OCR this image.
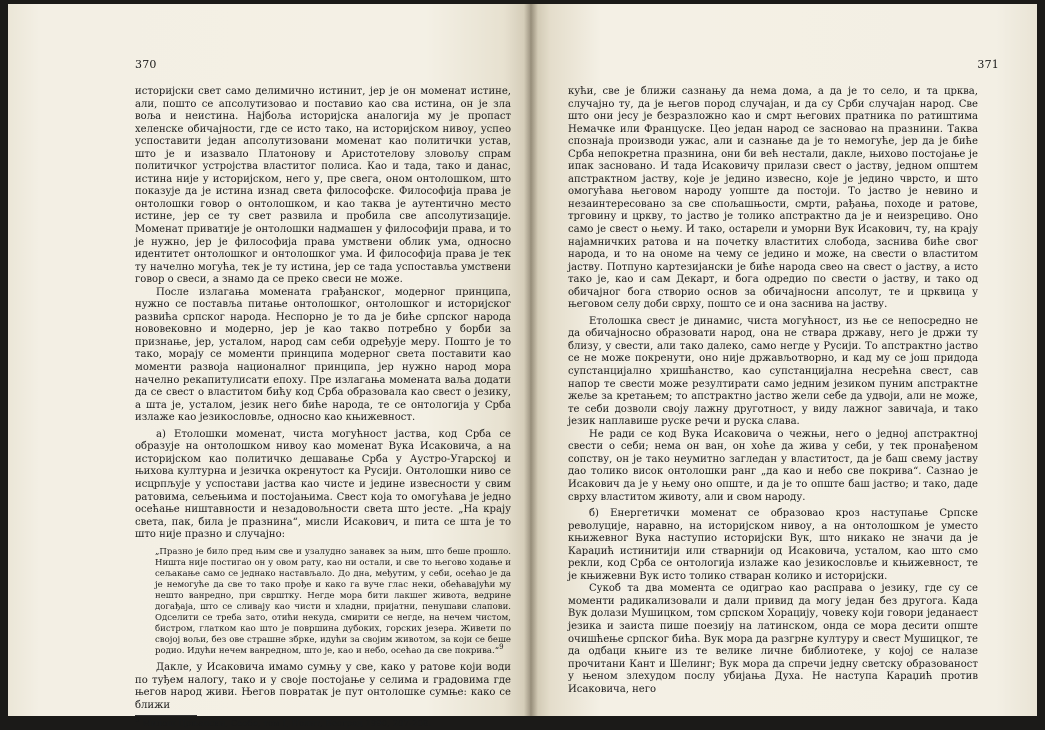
370

историјски свет само делимично истинит, јер је он моменат истине, али, пошто се апсолутизовао и поставио као сва истина, он је зла воља и неистина. Најбоља историјска аналогија му је пропаст хеленске обичајности, где се исто тако, на историјском нивоу, успео успоставити један апсолутизовани моменат као политички устав, што је и изазвало Платонову и Аристотелову зловољу спрам политичког устројства властитог полиса. Као и тада, тако и данас, истина није у историјском, него у, пре свега, оном онтолошком, што показује да је истина изнад света философске. Философија права је онтолошки говор о онтолошком, и као таква је аутентично место истине, јер се ту свет развила и пробила све апсолутизације. Моменат приватије је онтолошки надмашен у философији права, и то је нужно, јер је философија права умствени облик ума, односно идентитет онтолошког и онтолошког ума. И философија права је тек ту начелно могућа, тек је ту истина, јер се тада успоставља умствени говор о свеси, а знамо да се преко свеси не може.

После излагања момената грађанског, модерног принципа, нужно се поставља питање онтолошког, онтолошког и историјског развића српског народа. Неспорно је то да је биће српског народа нововековно и модерно, јер је као такво потребно у борби за признање, јер, усталом, народ сам себи одређује меру. Пошто је то тако, морају се моменти принципа модерног света поставити као моменти развоја националног принципа, јер нужно народ мора начелно рекапитулисати епоху. Пре излагања момената ваља додати да се свест о властитом бићу код Срба образовала као свест о језику, а штa је, усталом, језик него биће народа, те се онтологија у Срба излаже као језикословље, односно као књижевност.

а) Етолошки моменат, чиста могућност јаства, код Срба се образује на онтолошком нивоу као моменат Вука Исаковича, а на историјском као политичко дешавање Срба у Аустро-Угарској и њихова културна и језичка окренутост ка Русији. Онтолошки ниво се исцрпљује у успостави јаства као чисте и једине извесности у свим ратовима, сељењима и постојањима. Свест која то омогућава је једно осећање ништавности и незадовољности света што јесте. „На крају света, пак, била је празнина“, мисли Исакович, и пита се шта је то што није празно и случајно:

„Празно је било пред њим све и узалудно занавек за њим, што беше прошло. Ништа није постигао он у овом рату, као ни остали, и све то његово ходање и сељакање само се једнако настављало. До дна, међутим, у себи, осећао је да је немогуће да све то тако прође и како га вуче глас неки, обећавајући му нешто ванредно, при сврштку. Негде мора бити лакшег живота, ведрине догађаја, што се сливају као чисти и хладни, пријатни, пенушави слапови. Одселити се треба зато, отићи некуда, смирити се негде, на нечем чистом, бистром, глатком као што је површина дубоких, горских језера. Живети по својој вољи, без ове страшне збрке, идући за својим животом, за који се беше родио. Идући нечем ванредном, што је, као и небо, осећао да све покрива.“$^9$

Дакле, у Исаковича имамо сумњу у све, како у ратове који води по туђем налогу, тако и у своје постојање у селима и градовима где његов народ живи. Његов повратак је пут онтолошке сумње: како се ближи

$^9$ Милош Црњански, Сеобе, том I, Нолит, Београд 1990, 207-208.

371

кући, све је ближи сазнању да нема дома, а да је то село, и та црква, случајно ту, да је његов пород случајан, и да су Срби случајан народ. Све што они јесу је безразложно као и смрт његових пратника по ратиштима Немачке или Француске. Цео један народ се засновао на празнини. Таква спознаја производи ужас, али и сазнање да је то немогуће, јер да је биће Срба непокретна празнина, они би већ нестали, дакле, њихово постојање је ипак засновано. И тада Исаковичу прилази свест о јаству, једном општем апстрактном јаству, које је једино извесно, које је једино чврсто, и што омогућава његовом народу уопште да постоји. То јаство је невино и незаинтересовано за све спољашњости, смрти, рађања, походе и ратове, трговину и цркву, то јаство је толико апстрактно да је и неизрециво. Оно само је свест о њему. И тако, остарели и уморни Вук Исакович, ту, на крају најамничких ратова и на почетку властитих слобода, заснива биће свог народа, и то на ономе на чему се једино и може, на свести о властитом јаству. Потпуно картезијански је биће народа свео на свест о јаству, а исто тако је, као и сам Декарт, и бога одредио по свести о јаству, и тако од обичајног бога створио основ за обичајносни апсолут, те и црквица у његовом селу доби сврху, пошто се и она заснива на јаству.

Етолошка свест је динамис, чиста могућност, из ње се непосредно не да обичајносно образовати народ, она не ствара државу, него је држи ту близу, у свести, али тако далеко, само негде у Русији. То апстрактно јаство се не може покренути, оно није држављотворно, и кад му се још придода супстанцијално хришћанство, као супстанцијална несрећна свест, сав напор те свести може резултирати само једним језиком пуним апстрактне жеље за кретањем; то апстрактно јаство жели себе да удвоји, али не може, те себи дозволи своју лажну друготност, у виду лажног завичаја, и тако језик наплавише руске речи и руска слава.

Не ради се код Вука Исаковича о чежњи, него о једној апстрактној свести о себи; нема он ван, он хоће да жива у себи, у тек пронађеном сопству, он је тако неумитно загледан у властитост, да је баш свему јаству дао толико висок онтолошки ранг „да као и небо све покрива“. Сазнао је Исакович да је у њему оно опште, и да је то опште баш јаство; и тако, даде сврху властитом животу, али и свом народу.

б) Енергетички моменат се образовао кроз наступање Српске револуције, наравно, на историјском нивоу, а на онтолошком је уместо књижевног Вука наступио историјски Вук, што никако не значи да је Караџић истинитији или стварнији од Исаковича, усталом, као што смо рекли, код Срба се онтологија излаже као језикословље и књижевност, те је књижевни Вук исто толико стваран колико и историјски.

Сукоб та два момента се одиграо као расправа о језику, где су се моменти радикализовали и дали привид да могу један без другога. Када Вук долази Мушицком, том српском Хорацију, човеку који говори једанаест језика и заиста пише поезију на латинском, онда се мора десити опште очишћење српског бића. Вук мора да разгрне културу и свест Мушицког, те да одбаци књиге из те велике личне библиотеке, у којој се налазе прочитани Кант и Шелинг; Вук мора да спречи једну светску образованост у њеном злехудом послу убијања Духа. Не наступа Караџић против Исаковича, него
